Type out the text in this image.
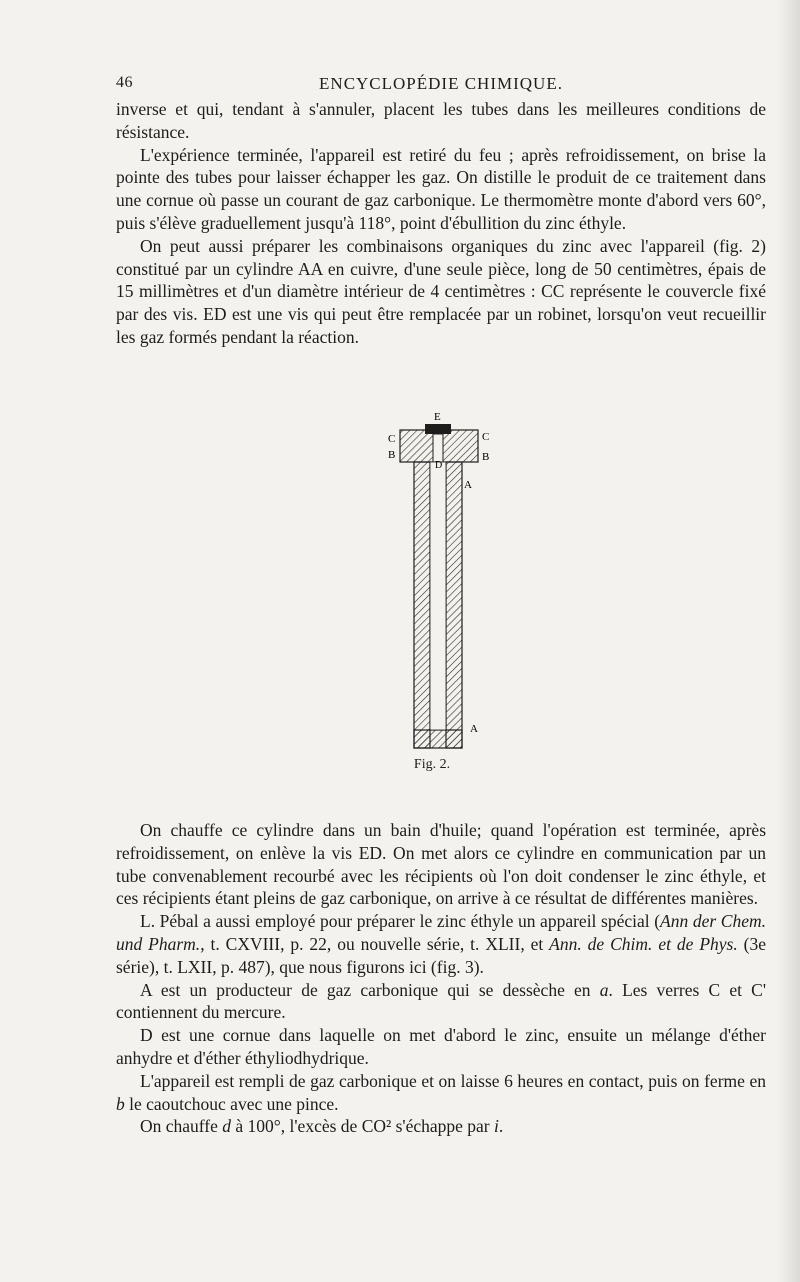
46	ENCYCLOPÉDIE CHIMIQUE.

inverse et qui, tendant à s'annuler, placent les tubes dans les meilleures conditions de résistance.

L'expérience terminée, l'appareil est retiré du feu ; après refroidissement, on brise la pointe des tubes pour laisser échapper les gaz. On distille le produit de ce traitement dans une cornue où passe un courant de gaz carbonique. Le thermomètre monte d'abord vers 60°, puis s'élève graduellement jusqu'à 118°, point d'ébullition du zinc éthyle.

On peut aussi préparer les combinaisons organiques du zinc avec l'appareil (fig. 2) constitué par un cylindre AA en cuivre, d'une seule pièce, long de 50 centimètres, épais de 15 millimètres et d'un diamètre intérieur de 4 centimètres : CC représente le couvercle fixé par des vis. ED est une vis qui peut être remplacée par un robinet, lorsqu'on veut recueillir les gaz formés pendant la réaction.

E
C	C
B	B
D
A
A
Fig. 2.

On chauffe ce cylindre dans un bain d'huile; quand l'opération est terminée, après refroidissement, on enlève la vis ED. On met alors ce cylindre en communication par un tube convenablement recourbé avec les récipients où l'on doit condenser le zinc éthyle, et ces récipients étant pleins de gaz carbonique, on arrive à ce résultat de différentes manières.

L. Pébal a aussi employé pour préparer le zinc éthyle un appareil spécial (Ann der Chem. und Pharm., t. CXVIII, p. 22, ou nouvelle série, t. XLII, et Ann. de Chim. et de Phys. (3e série), t. LXII, p. 487), que nous figurons ici (fig. 3).

A est un producteur de gaz carbonique qui se dessèche en a. Les verres C et C' contiennent du mercure.

D est une cornue dans laquelle on met d'abord le zinc, ensuite un mélange d'éther anhydre et d'éther éthyliodhydrique.

L'appareil est rempli de gaz carbonique et on laisse 6 heures en contact, puis on ferme en b le caoutchouc avec une pince.

On chauffe d à 100°, l'excès de CO² s'échappe par i.
